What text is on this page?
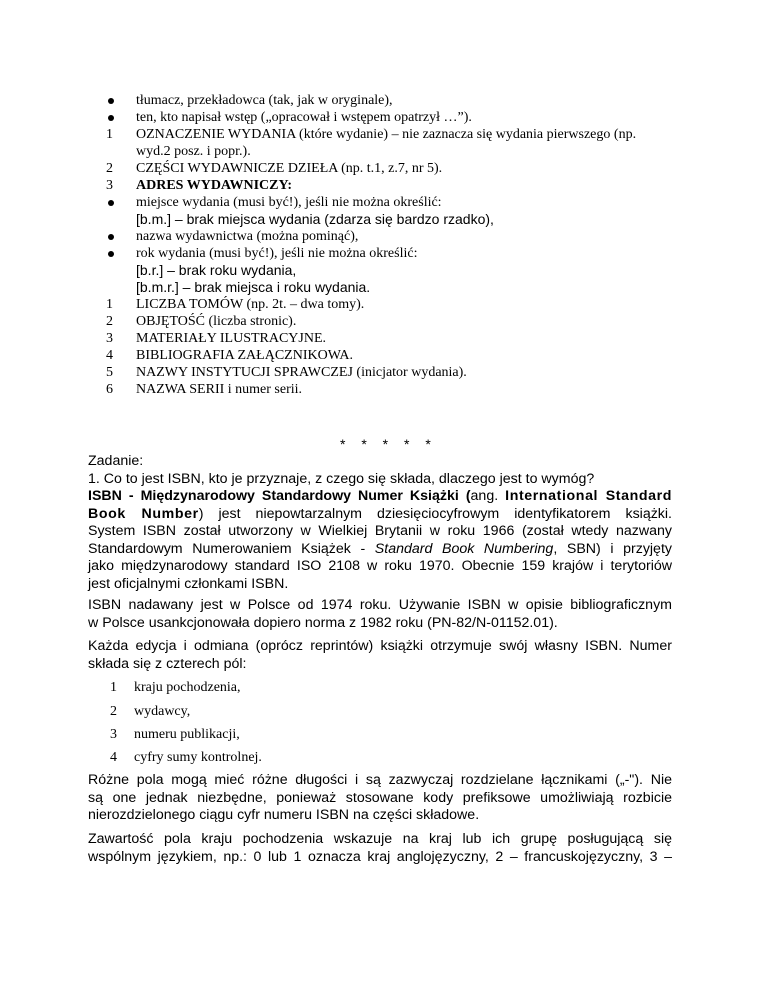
tłumacz, przekładowca (tak, jak w oryginale),
ten, kto napisał wstęp („opracował i wstępem opatrzył …”).
1	OZNACZENIE WYDANIA (które wydanie) – nie zaznacza się wydania pierwszego (np.
wyd.2 posz. i popr.).
2	CZĘŚCI WYDAWNICZE DZIEŁA (np. t.1, z.7, nr 5).
3	ADRES WYDAWNICZY:
miejsce wydania (musi być!), jeśli nie można określić:
[b.m.] – brak miejsca wydania (zdarza się bardzo rzadko),
nazwa wydawnictwa (można pominąć),
rok wydania (musi być!), jeśli nie można określić:
[b.r.] – brak roku wydania,
[b.m.r.] – brak miejsca i roku wydania.
1	LICZBA TOMÓW (np. 2t. – dwa tomy).
2	OBJĘTOŚĆ (liczba stronic).
3	MATERIAŁY ILUSTRACYJNE.
4	BIBLIOGRAFIA ZAŁĄCZNIKOWA.
5	NAZWY INSTYTUCJI SPRAWCZEJ (inicjator wydania).
6	NAZWA SERII i numer serii.
* * * * *
Zadanie:
1. Co to jest ISBN, kto je przyznaje, z czego się składa, dlaczego jest to wymóg?
ISBN - Międzynarodowy Standardowy Numer Książki (ang. International Standard
Book Number) jest niepowtarzalnym dziesięciocyfrowym identyfikatorem książki.
System ISBN został utworzony w Wielkiej Brytanii w roku 1966 (został wtedy nazwany
Standardowym Numerowaniem Książek - Standard Book Numbering, SBN) i przyjęty
jako międzynarodowy standard ISO 2108 w roku 1970. Obecnie 159 krajów i terytoriów
jest oficjalnymi członkami ISBN.
ISBN nadawany jest w Polsce od 1974 roku. Używanie ISBN w opisie bibliograficznym
w Polsce usankcjonowała dopiero norma z 1982 roku (PN-82/N-01152.01).
Każda edycja i odmiana (oprócz reprintów) książki otrzymuje swój własny ISBN. Numer
składa się z czterech pól:
1 kraju pochodzenia,
2 wydawcy,
3 numeru publikacji,
4 cyfry sumy kontrolnej.
Różne pola mogą mieć różne długości i są zazwyczaj rozdzielane łącznikami („-"). Nie
są one jednak niezbędne, ponieważ stosowane kody prefiksowe umożliwiają rozbicie
nierozdzielonego ciągu cyfr numeru ISBN na części składowe.
Zawartość pola kraju pochodzenia wskazuje na kraj lub ich grupę posługującą się
wspólnym językiem, np.: 0 lub 1 oznacza kraj anglojęzyczny, 2 – francuskojęzyczny, 3 –
